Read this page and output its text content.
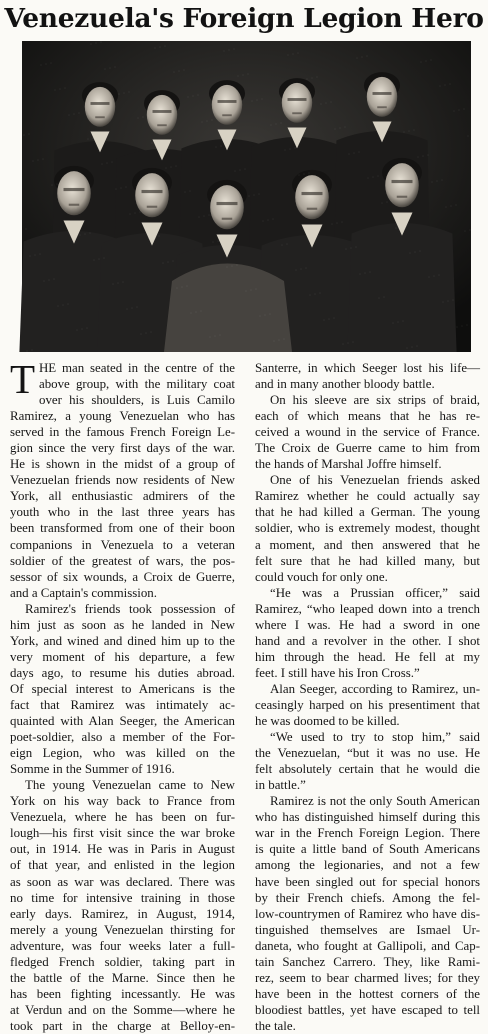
Venezuela's Foreign Legion Hero
T HE man seated in the centre of the
above group, with the military coat
over his shoulders, is Luis Camilo
Ramirez, a young Venezuelan who has
served in the famous French Foreign Le-
gion since the very first days of the war.
He is shown in the midst of a group of
Venezuelan friends now residents of New
York, all enthusiastic admirers of the
youth who in the last three years has
been transformed from one of their boon
companions in Venezuela to a veteran
soldier of the greatest of wars, the pos-
sessor of six wounds, a Croix de Guerre,
and a Captain's commission.
Ramirez's friends took possession of
him just as soon as he landed in New
York, and wined and dined him up to the
very moment of his departure, a few
days ago, to resume his duties abroad.
Of special interest to Americans is the
fact that Ramirez was intimately ac-
quainted with Alan Seeger, the American
poet-soldier, also a member of the For-
eign Legion, who was killed on the
Somme in the Summer of 1916.
The young Venezuelan came to New
York on his way back to France from
Venezuela, where he has been on fur-
lough—his first visit since the war broke
out, in 1914. He was in Paris in August
of that year, and enlisted in the legion
as soon as war was declared. There was
no time for intensive training in those
early days. Ramirez, in August, 1914,
merely a young Venezuelan thirsting for
adventure, was four weeks later a full-
fledged French soldier, taking part in
the battle of the Marne. Since then he
has been fighting incessantly. He was
at Verdun and on the Somme—where he
took part in the charge at Belloy-en-
Santerre, in which Seeger lost his life—
and in many another bloody battle.
On his sleeve are six strips of braid,
each of which means that he has re-
ceived a wound in the service of France.
The Croix de Guerre came to him from
the hands of Marshal Joffre himself.
One of his Venezuelan friends asked
Ramirez whether he could actually say
that he had killed a German. The young
soldier, who is extremely modest, thought
a moment, and then answered that he
felt sure that he had killed many, but
could vouch for only one.
“He was a Prussian officer,” said
Ramirez, “who leaped down into a trench
where I was. He had a sword in one
hand and a revolver in the other. I shot
him through the head. He fell at my
feet. I still have his Iron Cross.”
Alan Seeger, according to Ramirez, un-
ceasingly harped on his presentiment that
he was doomed to be killed.
“We used to try to stop him,” said
the Venezuelan, “but it was no use. He
felt absolutely certain that he would die
in battle.”
Ramirez is not the only South American
who has distinguished himself during this
war in the French Foreign Legion. There
is quite a little band of South Americans
among the legionaries, and not a few
have been singled out for special honors
by their French chiefs. Among the fel-
low-countrymen of Ramirez who have dis-
tinguished themselves are Ismael Ur-
daneta, who fought at Gallipoli, and Cap-
tain Sanchez Carrero. They, like Rami-
rez, seem to bear charmed lives; for they
have been in the hottest corners of the
bloodiest battles, yet have escaped to tell
the tale.
